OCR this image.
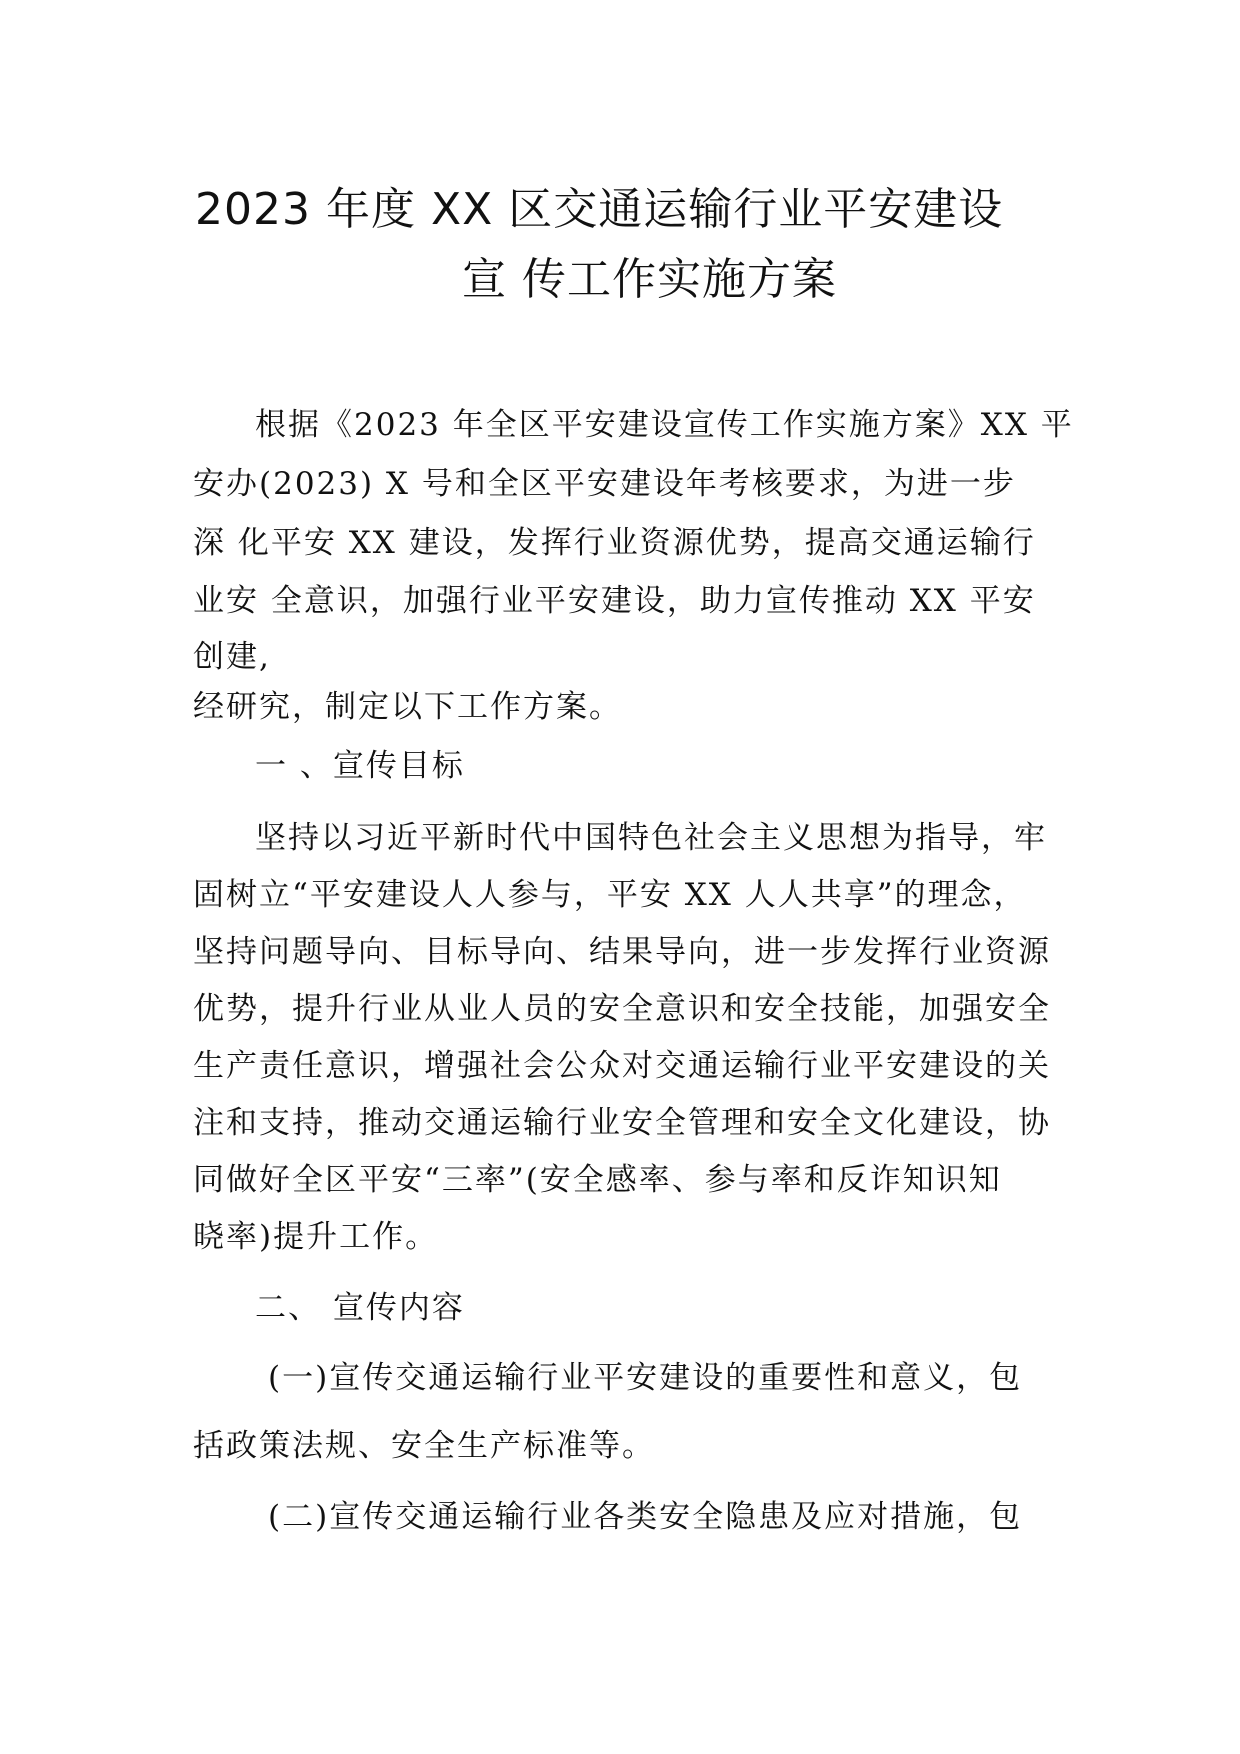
2023 年度 XX 区交通运输行业平安建设
宣 传工作实施方案
根据《2023 年全区平安建设宣传工作实施方案》XX 平
安办(2023) X 号和全区平安建设年考核要求，为进一步
深 化平安 XX 建设，发挥行业资源优势，提高交通运输行
业安 全意识，加强行业平安建设，助力宣传推动 XX 平安
创建,
经研究，制定以下工作方案。
一 、宣传目标
坚持以习近平新时代中国特色社会主义思想为指导，牢
固树立“平安建设人人参与，平安 XX 人人共享”的理念，
坚持问题导向、目标导向、结果导向，进一步发挥行业资源
优势，提升行业从业人员的安全意识和安全技能，加强安全
生产责任意识，增强社会公众对交通运输行业平安建设的关
注和支持，推动交通运输行业安全管理和安全文化建设，协
同做好全区平安“三率”(安全感率、参与率和反诈知识知
晓率)提升工作。
二、 宣传内容
(一)宣传交通运输行业平安建设的重要性和意义，包
括政策法规、安全生产标准等。
(二)宣传交通运输行业各类安全隐患及应对措施，包
